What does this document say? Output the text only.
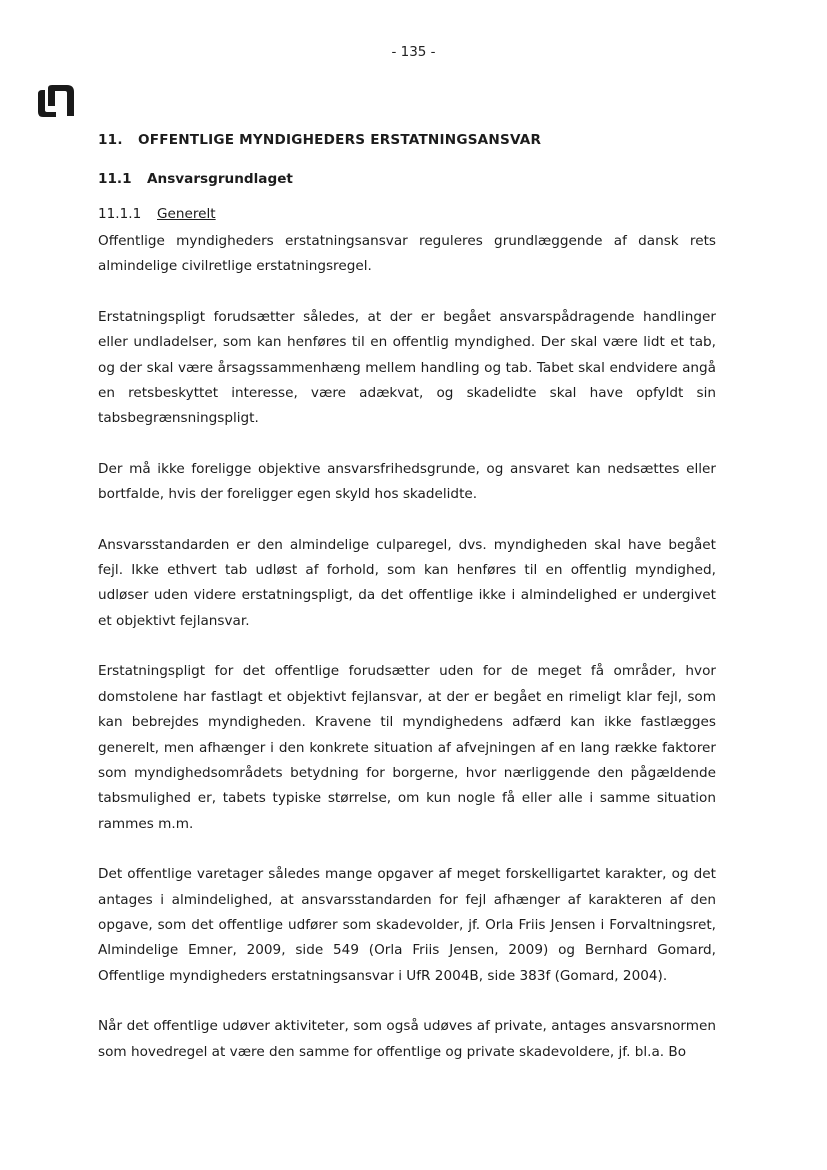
- 135 -
11. OFFENTLIGE MYNDIGHEDERS ERSTATNINGSANSVAR
11.1 Ansvarsgrundlaget
11.1.1 Generelt

Offentlige myndigheders erstatningsansvar reguleres grundlæggende af dansk rets almindelige civilretlige erstatningsregel.

Erstatningspligt forudsætter således, at der er begået ansvarspådragende handlinger eller undladelser, som kan henføres til en offentlig myndighed. Der skal være lidt et tab, og der skal være årsagssammenhæng mellem handling og tab. Tabet skal endvidere angå en retsbeskyttet interesse, være adækvat, og skadelidte skal have opfyldt sin tabsbegrænsningspligt.

Der må ikke foreligge objektive ansvarsfrihedsgrunde, og ansvaret kan nedsættes eller bortfalde, hvis der foreligger egen skyld hos skadelidte.

Ansvarsstandarden er den almindelige culparegel, dvs. myndigheden skal have begået fejl. Ikke ethvert tab udløst af forhold, som kan henføres til en offentlig myndighed, udløser uden videre erstatningspligt, da det offentlige ikke i almindelighed er undergivet et objektivt fejlansvar.

Erstatningspligt for det offentlige forudsætter uden for de meget få områder, hvor domstolene har fastlagt et objektivt fejlansvar, at der er begået en rimeligt klar fejl, som kan bebrejdes myndigheden. Kravene til myndighedens adfærd kan ikke fastlægges generelt, men afhænger i den konkrete situation af afvejningen af en lang række faktorer som myndighedsområdets betydning for borgerne, hvor nærliggende den pågældende tabsmulighed er, tabets typiske størrelse, om kun nogle få eller alle i samme situation rammes m.m.

Det offentlige varetager således mange opgaver af meget forskelligartet karakter, og det antages i almindelighed, at ansvarsstandarden for fejl afhænger af karakteren af den opgave, som det offentlige udfører som skadevolder, jf. Orla Friis Jensen i Forvaltningsret, Almindelige Emner, 2009, side 549 (Orla Friis Jensen, 2009) og Bernhard Gomard, Offentlige myndigheders erstatningsansvar i UfR 2004B, side 383f (Gomard, 2004).

Når det offentlige udøver aktiviteter, som også udøves af private, antages ansvarsnormen som hovedregel at være den samme for offentlige og private skadevoldere, jf. bl.a. Bo
